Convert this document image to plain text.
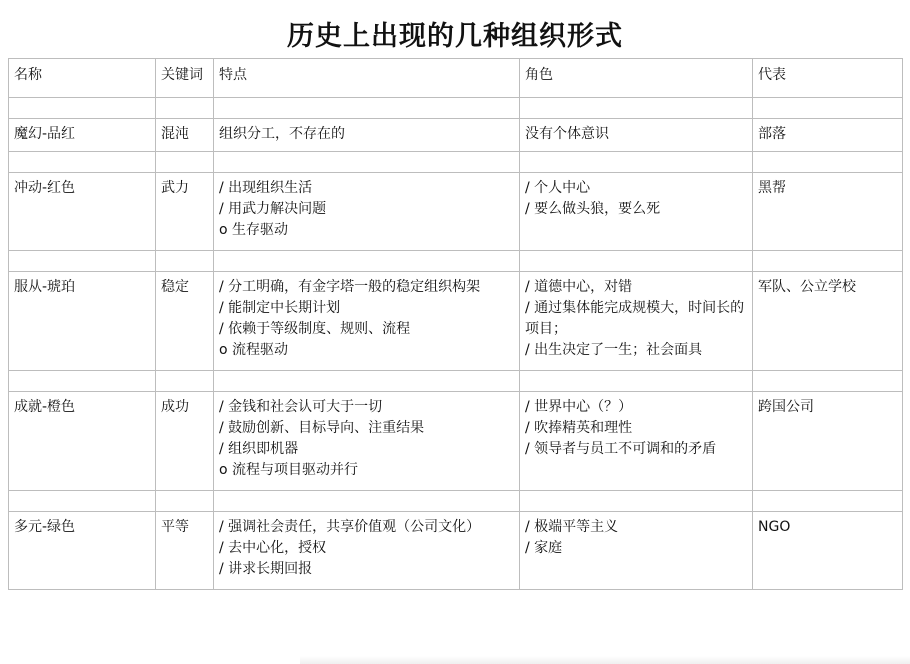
历史上出现的几种组织形式
名称	关键词	特点	角色	代表

魔幻-品红	混沌	组织分工，不存在的	没有个体意识	部落

冲动-红色	武力	/ 出现组织生活
/ 用武力解决问题
o 生存驱动	/ 个人中心
/ 要么做头狼，要么死	黑帮

服从-琥珀	稳定	/ 分工明确，有金字塔一般的稳定组织构架
/ 能制定中长期计划
/ 依赖于等级制度、规则、流程
o 流程驱动	/ 道德中心，对错
/ 通过集体能完成规模大，时间长的项目；
/ 出生决定了一生；社会面具	军队、公立学校

成就-橙色	成功	/ 金钱和社会认可大于一切
/ 鼓励创新、目标导向、注重结果
/ 组织即机器
o 流程与项目驱动并行	/ 世界中心（？）
/ 吹捧精英和理性
/ 领导者与员工不可调和的矛盾	跨国公司

多元-绿色	平等	/ 强调社会责任，共享价值观（公司文化）
/ 去中心化，授权
/ 讲求长期回报	/ 极端平等主义
/ 家庭	NGO
